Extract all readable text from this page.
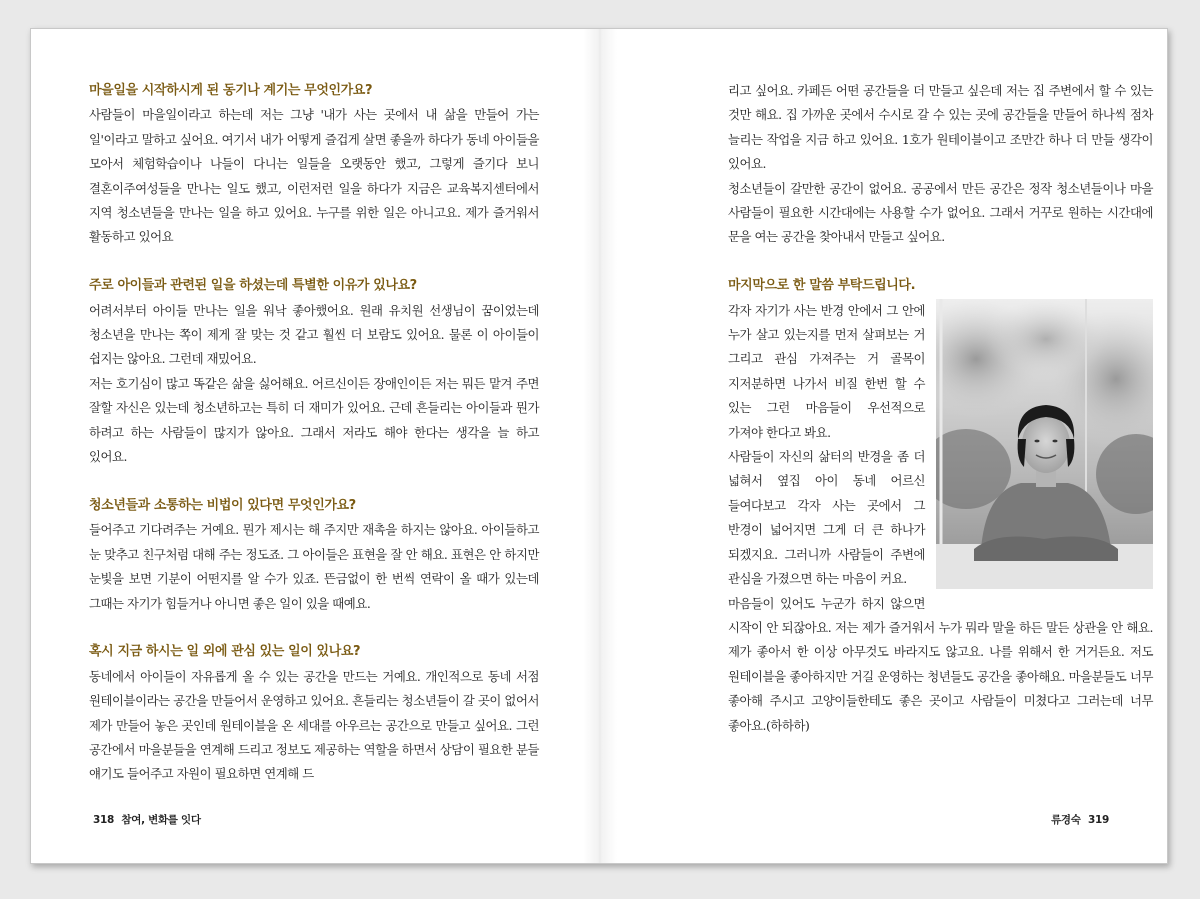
마을일을 시작하시게 된 동기나 계기는 무엇인가요?

사람들이 마을일이라고 하는데 저는 그냥 '내가 사는 곳에서 내 삶을 만들어 가는 일'이라고 말하고 싶어요. 여기서 내가 어떻게 즐겁게 살면 좋을까 하다가 동네 아이들을 모아서 체험학습이나 나들이 다니는 일들을 오랫동안 했고, 그렇게 즐기다 보니 결혼이주여성들을 만나는 일도 했고, 이런저런 일을 하다가 지금은 교육복지센터에서 지역 청소년들을 만나는 일을 하고 있어요. 누구를 위한 일은 아니고요. 제가 즐거워서 활동하고 있어요

주로 아이들과 관련된 일을 하셨는데 특별한 이유가 있나요?

어려서부터 아이들 만나는 일을 워낙 좋아했어요. 원래 유치원 선생님이 꿈이었는데 청소년을 만나는 쪽이 제게 잘 맞는 것 같고 훨씬 더 보람도 있어요. 물론 이 아이들이 쉽지는 않아요. 그런데 재밌어요.

저는 호기심이 많고 똑같은 삶을 싫어해요. 어르신이든 장애인이든 저는 뭐든 맡겨 주면 잘할 자신은 있는데 청소년하고는 특히 더 재미가 있어요. 근데 흔들리는 아이들과 뭔가 하려고 하는 사람들이 많지가 않아요. 그래서 저라도 해야 한다는 생각을 늘 하고 있어요.

청소년들과 소통하는 비법이 있다면 무엇인가요?

들어주고 기다려주는 거예요. 뭔가 제시는 해 주지만 재촉을 하지는 않아요. 아이들하고 눈 맞추고 친구처럼 대해 주는 정도죠. 그 아이들은 표현을 잘 안 해요. 표현은 안 하지만 눈빛을 보면 기분이 어떤지를 알 수가 있죠. 뜬금없이 한 번씩 연락이 올 때가 있는데 그때는 자기가 힘들거나 아니면 좋은 일이 있을 때예요.

혹시 지금 하시는 일 외에 관심 있는 일이 있나요?

동네에서 아이들이 자유롭게 올 수 있는 공간을 만드는 거예요. 개인적으로 동네 서점 원테이블이라는 공간을 만들어서 운영하고 있어요. 흔들리는 청소년들이 갈 곳이 없어서 제가 만들어 놓은 곳인데 원테이블을 온 세대를 아우르는 공간으로 만들고 싶어요. 그런 공간에서 마을분들을 연계해 드리고 정보도 제공하는 역할을 하면서 상담이 필요한 분들 얘기도 들어주고 자원이 필요하면 연계해 드

318 참여, 변화를 잇다

리고 싶어요. 카페든 어떤 공간들을 더 만들고 싶은데 저는 집 주변에서 할 수 있는 것만 해요. 집 가까운 곳에서 수시로 갈 수 있는 곳에 공간들을 만들어 하나씩 점차 늘리는 작업을 지금 하고 있어요. 1호가 원테이블이고 조만간 하나 더 만들 생각이 있어요.

청소년들이 갈만한 공간이 없어요. 공공에서 만든 공간은 정작 청소년들이나 마을 사람들이 필요한 시간대에는 사용할 수가 없어요. 그래서 거꾸로 원하는 시간대에 문을 여는 공간을 찾아내서 만들고 싶어요.

마지막으로 한 말씀 부탁드립니다.

각자 자기가 사는 반경 안에서 그 안에 누가 살고 있는지를 먼저 살펴보는 거 그리고 관심 가져주는 거 골목이 지저분하면 나가서 비질 한번 할 수 있는 그런 마음들이 우선적으로 가져야 한다고 봐요.

사람들이 자신의 삶터의 반경을 좀 더 넓혀서 옆집 아이 동네 어르신 들여다보고 각자 사는 곳에서 그 반경이 넓어지면 그게 더 큰 하나가 되겠지요. 그러니까 사람들이 주변에 관심을 가졌으면 하는 마음이 커요.

마음들이 있어도 누군가 하지 않으면 시작이 안 되잖아요. 저는 제가 즐거워서 누가 뭐라 말을 하든 말든 상관을 안 해요. 제가 좋아서 한 이상 아무것도 바라지도 않고요. 나를 위해서 한 거거든요. 저도 원테이블을 좋아하지만 거길 운영하는 청년들도 공간을 좋아해요. 마을분들도 너무 좋아해 주시고 고양이들한테도 좋은 곳이고 사람들이 미쳤다고 그러는데 너무 좋아요.(하하하)

류경숙 319
